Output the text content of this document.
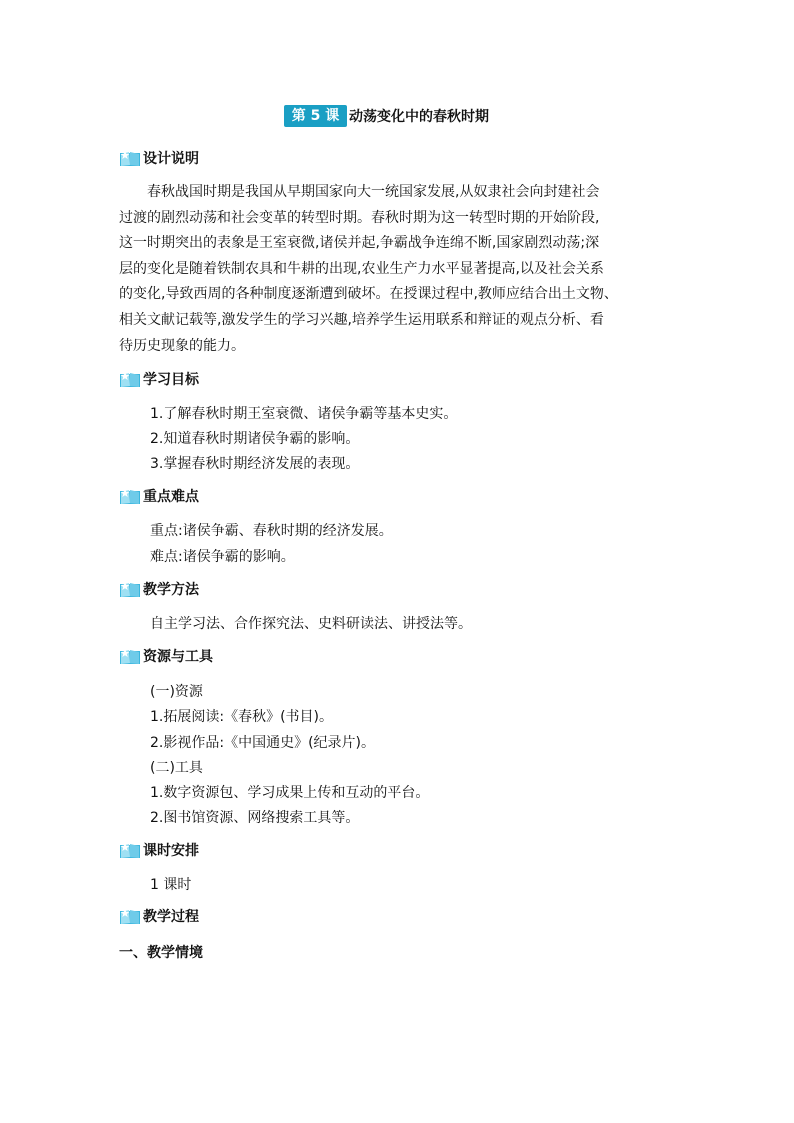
第 5 课 动荡变化中的春秋时期
设计说明

春秋战国时期是我国从早期国家向大一统国家发展,从奴隶社会向封建社会

过渡的剧烈动荡和社会变革的转型时期。春秋时期为这一转型时期的开始阶段,

这一时期突出的表象是王室衰微,诸侯并起,争霸战争连绵不断,国家剧烈动荡;深

层的变化是随着铁制农具和牛耕的出现,农业生产力水平显著提高,以及社会关系

的变化,导致西周的各种制度逐渐遭到破坏。在授课过程中,教师应结合出土文物、

相关文献记载等,激发学生的学习兴趣,培养学生运用联系和辩证的观点分析、看

待历史现象的能力。

学习目标
1.了解春秋时期王室衰微、诸侯争霸等基本史实。
2.知道春秋时期诸侯争霸的影响。
3.掌握春秋时期经济发展的表现。
重点难点
重点:诸侯争霸、春秋时期的经济发展。
难点:诸侯争霸的影响。
教学方法
自主学习法、合作探究法、史料研读法、讲授法等。
资源与工具
(一)资源
1.拓展阅读:《春秋》(书目)。
2.影视作品:《中国通史》(纪录片)。
(二)工具
1.数字资源包、学习成果上传和互动的平台。
2.图书馆资源、网络搜索工具等。
课时安排
1 课时
教学过程
一、教学情境
